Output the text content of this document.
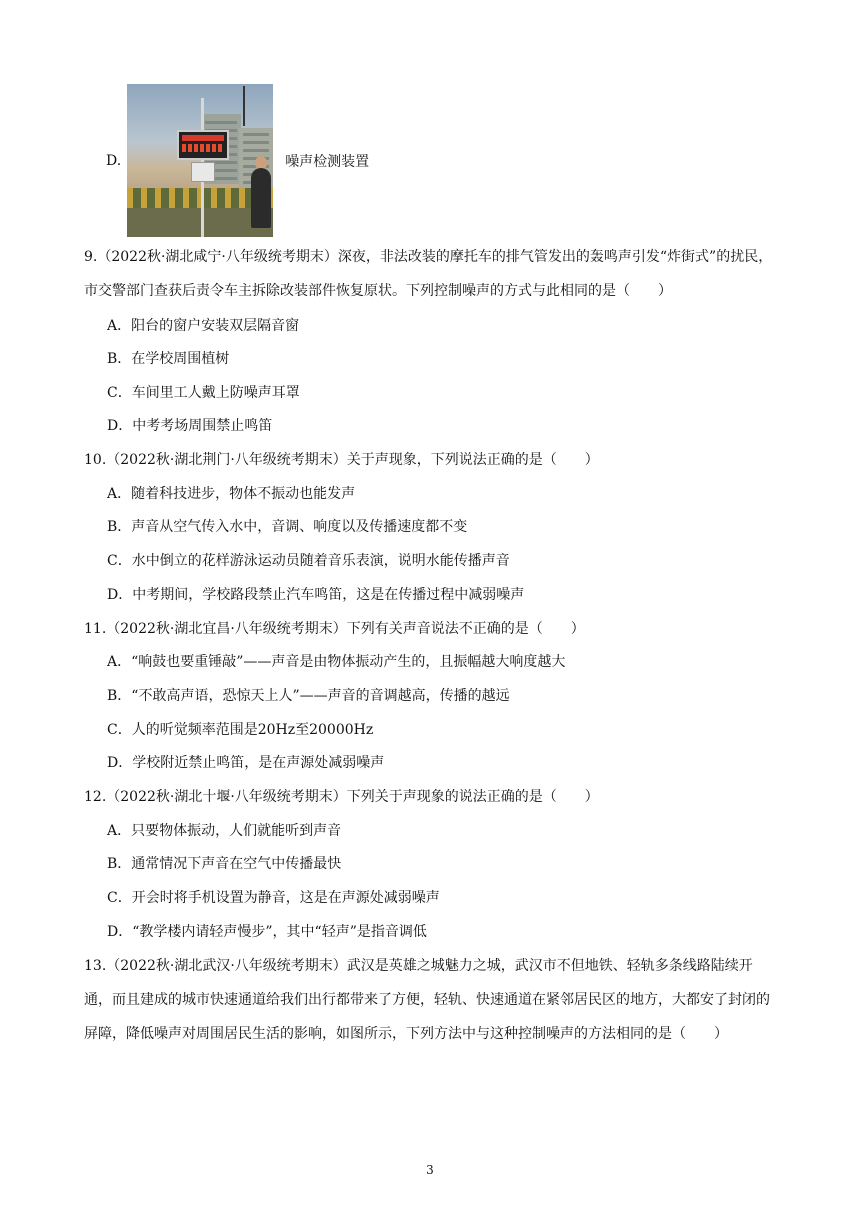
D.	噪声检测装置
9.（2022秋·湖北咸宁·八年级统考期末）深夜，非法改装的摩托车的排气管发出的轰鸣声引发“炸街式”的扰民，市交警部门查获后责令车主拆除改装部件恢复原状。下列控制噪声的方式与此相同的是（　　）
A．阳台的窗户安装双层隔音窗
B．在学校周围植树
C．车间里工人戴上防噪声耳罩
D．中考考场周围禁止鸣笛
10.（2022秋·湖北荆门·八年级统考期末）关于声现象，下列说法正确的是（　　）
A．随着科技进步，物体不振动也能发声
B．声音从空气传入水中，音调、响度以及传播速度都不变
C．水中倒立的花样游泳运动员随着音乐表演，说明水能传播声音
D．中考期间，学校路段禁止汽车鸣笛，这是在传播过程中减弱噪声
11.（2022秋·湖北宜昌·八年级统考期末）下列有关声音说法不正确的是（　　）
A．“响鼓也要重锤敲”——声音是由物体振动产生的，且振幅越大响度越大
B．“不敢高声语，恐惊天上人”——声音的音调越高，传播的越远
C．人的听觉频率范围是20Hz至20000Hz
D．学校附近禁止鸣笛，是在声源处减弱噪声
12.（2022秋·湖北十堰·八年级统考期末）下列关于声现象的说法正确的是（　　）
A．只要物体振动，人们就能听到声音
B．通常情况下声音在空气中传播最快
C．开会时将手机设置为静音，这是在声源处减弱噪声
D．“教学楼内请轻声慢步”，其中“轻声”是指音调低
13.（2022秋·湖北武汉·八年级统考期末）武汉是英雄之城魅力之城，武汉市不但地铁、轻轨多条线路陆续开通，而且建成的城市快速通道给我们出行都带来了方便，轻轨、快速通道在紧邻居民区的地方，大都安了封闭的屏障，降低噪声对周围居民生活的影响，如图所示，下列方法中与这种控制噪声的方法相同的是（　　）
3
